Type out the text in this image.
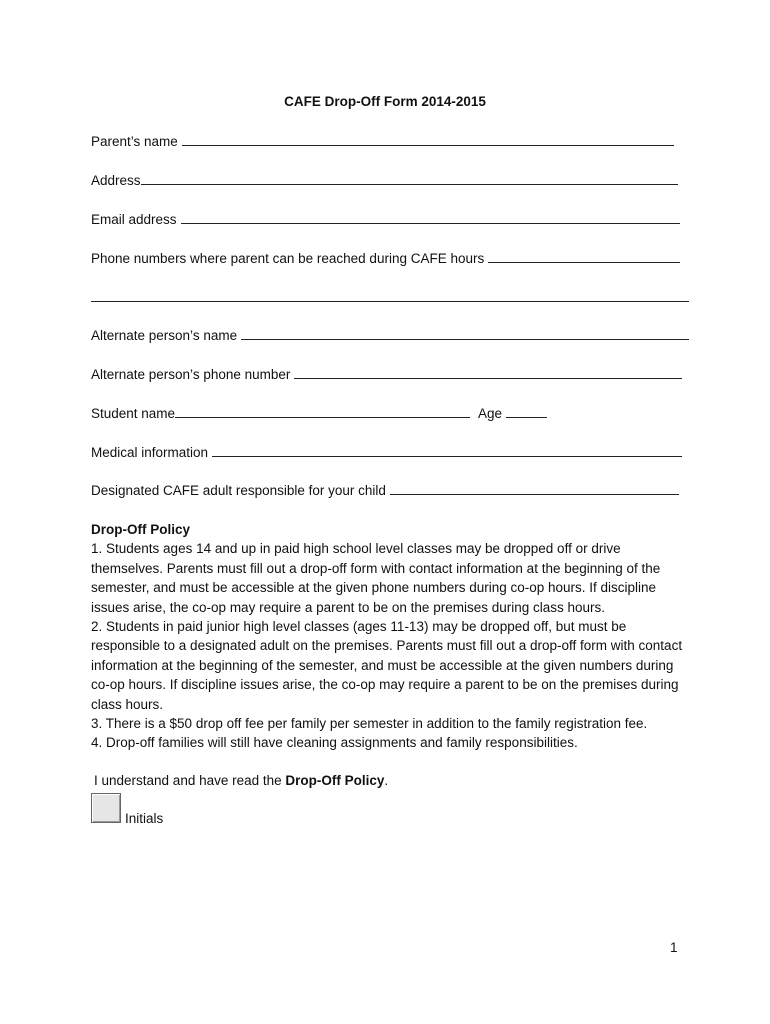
CAFE Drop-Off Form 2014-2015
Parent’s name
Address
Email address
Phone numbers where parent can be reached during CAFE hours
Alternate person’s name
Alternate person’s phone number
Student name	Age
Medical information
Designated CAFE adult responsible for your child

Drop-Off Policy

1. Students ages 14 and up in paid high school level classes may be dropped off or drive themselves. Parents must fill out a drop-off form with contact information at the beginning of the semester, and must be accessible at the given phone numbers during co-op hours. If discipline issues arise, the co-op may require a parent to be on the premises during class hours.

2. Students in paid junior high level classes (ages 11-13) may be dropped off, but must be responsible to a designated adult on the premises. Parents must fill out a drop-off form with contact information at the beginning of the semester, and must be accessible at the given numbers during co-op hours. If discipline issues arise, the co-op may require a parent to be on the premises during class hours.

3. There is a $50 drop off fee per family per semester in addition to the family registration fee.

4. Drop-off families will still have cleaning assignments and family responsibilities.

I understand and have read the Drop-Off Policy.
Initials
1
